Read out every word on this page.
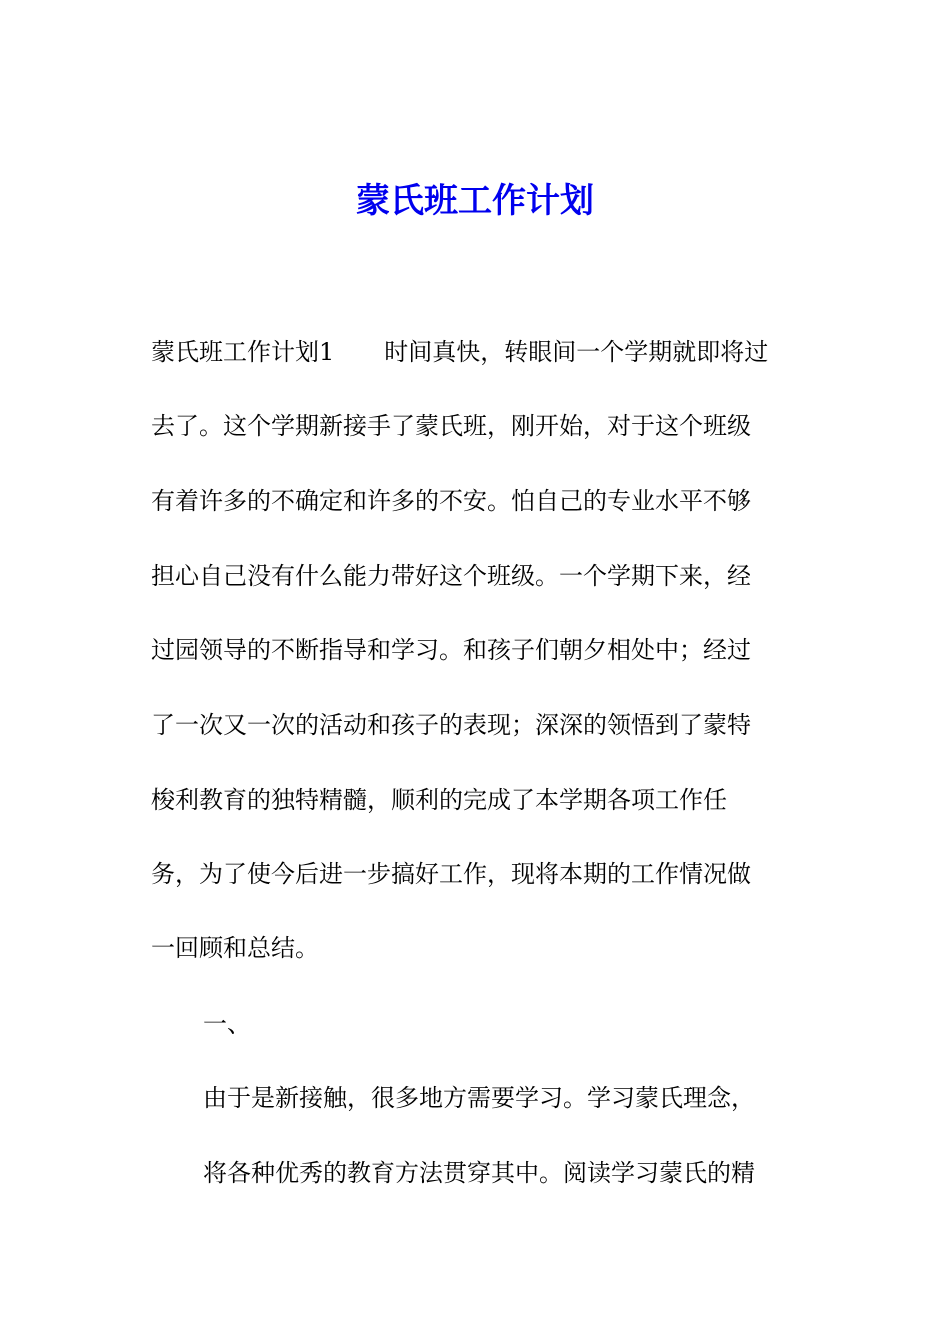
蒙氏班工作计划

蒙氏班工作计划1 时间真快，转眼间一个学期就即将过

去了。这个学期新接手了蒙氏班，刚开始，对于这个班级

有着许多的不确定和许多的不安。怕自己的专业水平不够

担心自己没有什么能力带好这个班级。一个学期下来，经

过园领导的不断指导和学习。和孩子们朝夕相处中；经过

了一次又一次的活动和孩子的表现；深深的领悟到了蒙特

梭利教育的独特精髓，顺利的完成了本学期各项工作任

务，为了使今后进一步搞好工作，现将本期的工作情况做

一回顾和总结。

一、

由于是新接触，很多地方需要学习。学习蒙氏理念，

将各种优秀的教育方法贯穿其中。阅读学习蒙氏的精
